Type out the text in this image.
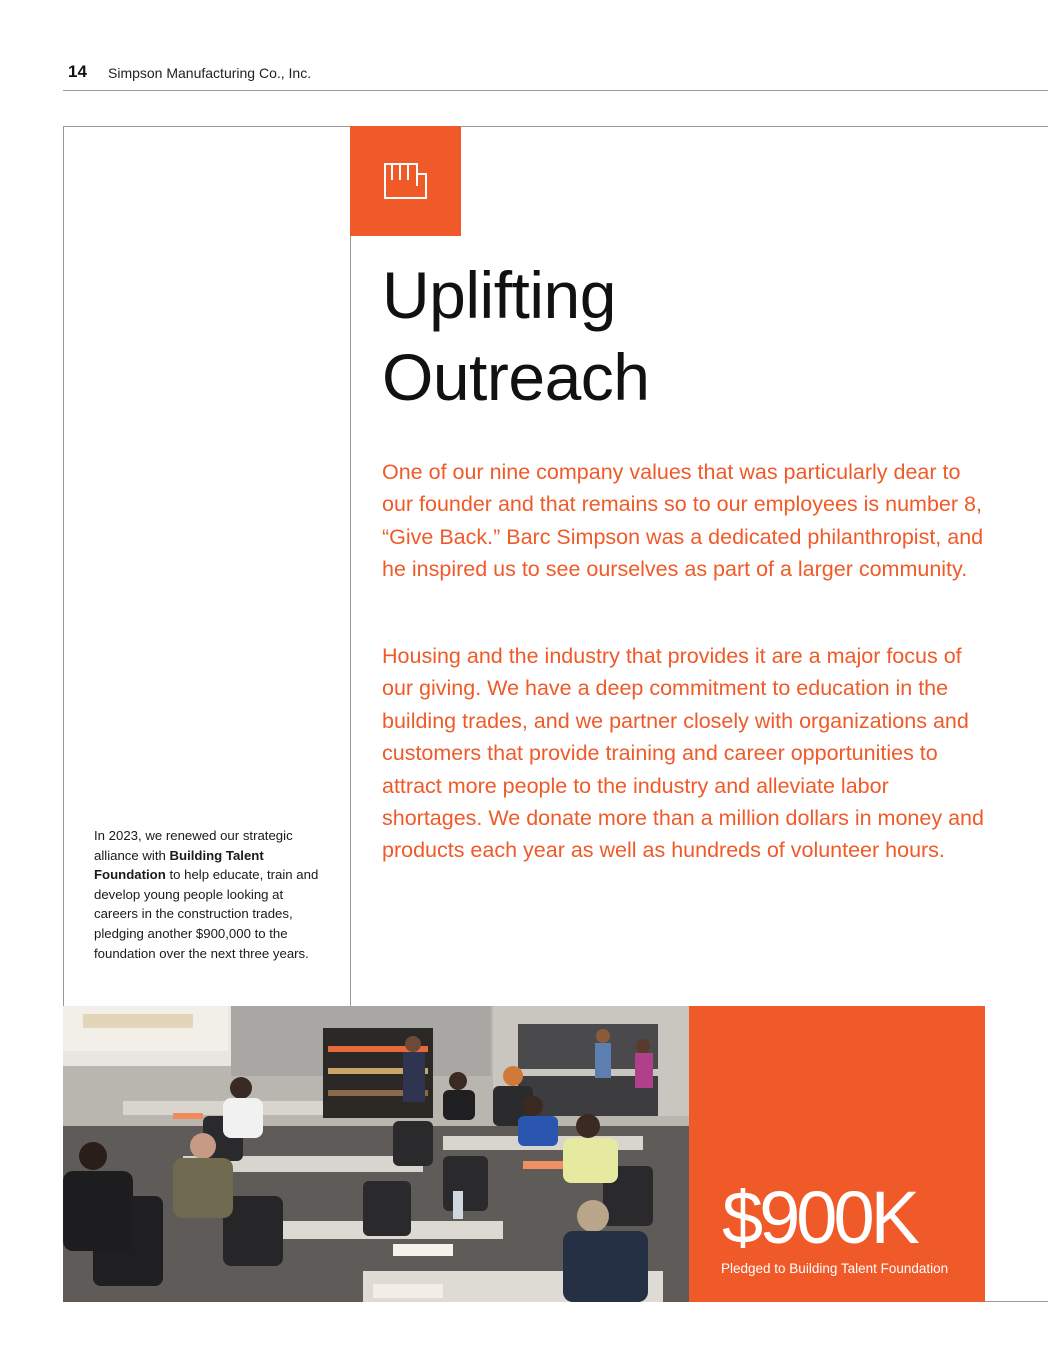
14 Simpson Manufacturing Co., Inc.
Uplifting
Outreach

One of our nine company values that was particularly dear to our founder and that remains so to our employees is number 8, “Give Back.” Barc Simpson was a dedicated philanthropist, and he inspired us to see ourselves as part of a larger community.

Housing and the industry that provides it are a major focus of our giving. We have a deep commitment to education in the building trades, and we partner closely with organizations and customers that provide training and career opportunities to attract more people to the industry and alleviate labor shortages. We donate more than a million dollars in money and products each year as well as hundreds of volunteer hours.

In 2023, we renewed our strategic alliance with Building Talent Foundation to help educate, train and develop young people looking at careers in the construction trades, pledging another $900,000 to the foundation over the next three years.
$900K
Pledged to Building Talent Foundation
